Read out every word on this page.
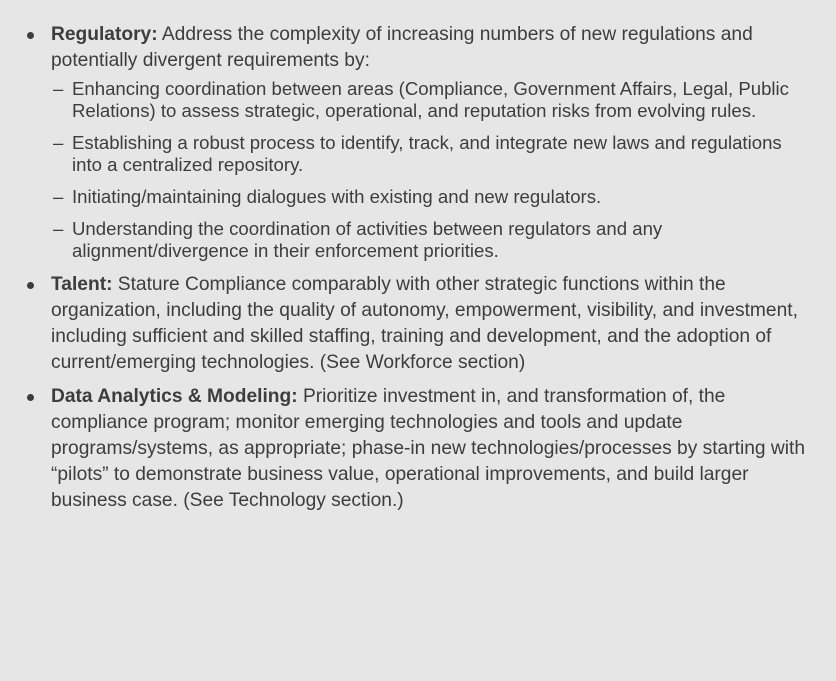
Regulatory: Address the complexity of increasing numbers of new regulations and potentially divergent requirements by:
– Enhancing coordination between areas (Compliance, Government Affairs, Legal, Public Relations) to assess strategic, operational, and reputation risks from evolving rules.
– Establishing a robust process to identify, track, and integrate new laws and regulations into a centralized repository.
– Initiating/maintaining dialogues with existing and new regulators.
– Understanding the coordination of activities between regulators and any alignment/divergence in their enforcement priorities.
Talent: Stature Compliance comparably with other strategic functions within the organization, including the quality of autonomy, empowerment, visibility, and investment, including sufficient and skilled staffing, training and development, and the adoption of current/emerging technologies. (See Workforce section)
Data Analytics & Modeling: Prioritize investment in, and transformation of, the compliance program; monitor emerging technologies and tools and update programs/systems, as appropriate; phase-in new technologies/processes by starting with “pilots” to demonstrate business value, operational improvements, and build larger business case. (See Technology section.)
